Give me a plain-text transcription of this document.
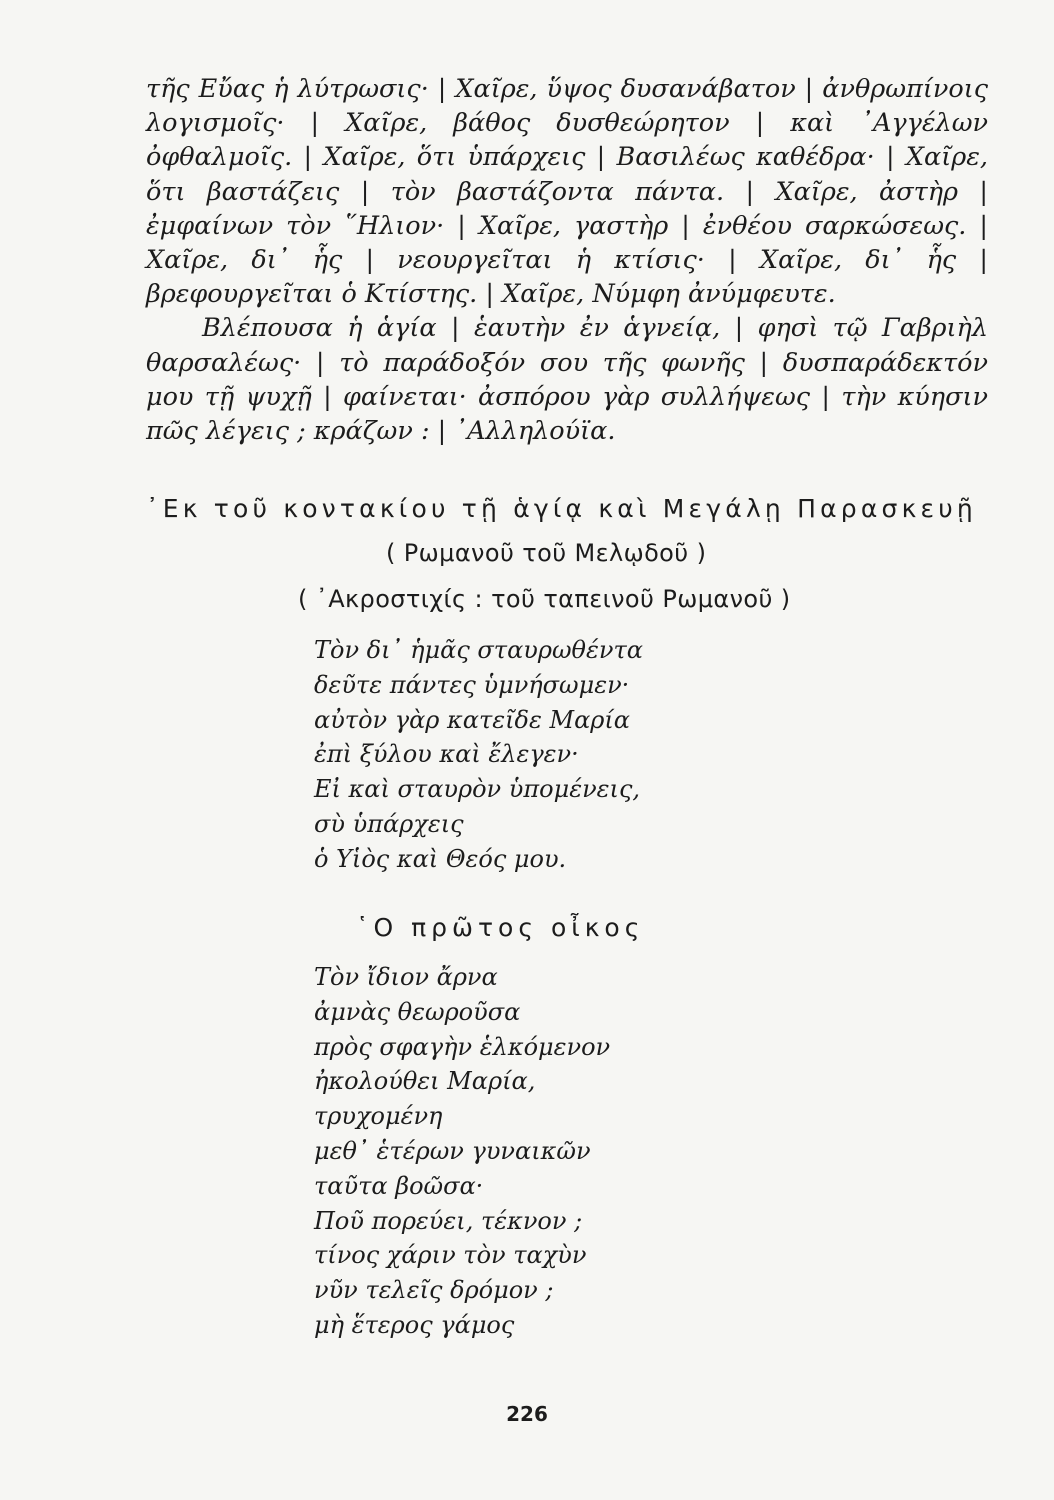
τῆς Εὔας ἡ λύτρωσις· | Χαῖρε, ὕψος δυσανάβατον | ἀνθρωπίνοις λογισμοῖς· | Χαῖρε, βάθος δυσθεώρητον | καὶ ᾿Αγγέλων ὀφθαλμοῖς. | Χαῖρε, ὅτι ὑπάρχεις | Βασιλέως καθέδρα· | Χαῖρε, ὅτι βαστάζεις | τὸν βαστάζοντα πάντα. | Χαῖρε, ἀστὴρ | ἐμφαίνων τὸν ῞Ηλιον· | Χαῖρε, γαστὴρ | ἐνθέου σαρκώσεως. | Χαῖρε, δι᾿ ἧς | νεουργεῖται ἡ κτίσις· | Χαῖρε, δι᾿ ἧς | βρεφουργεῖται ὁ Κτίστης. | Χαῖρε, Νύμφη ἀνύμφευτε.

Βλέπουσα ἡ ἁγία | ἑαυτὴν ἐν ἁγνείᾳ, | φησὶ τῷ Γαβριὴλ θαρσαλέως· | τὸ παράδοξόν σου τῆς φωνῆς | δυσπαράδεκτόν μου τῇ ψυχῇ | φαίνεται· ἀσπόρου γὰρ συλλήψεως | τὴν κύησιν πῶς λέγεις ; κράζων : | ᾿Αλληλούϊα.

᾿Εκ τοῦ κοντακίου τῇ ἁγίᾳ καὶ Μεγάλῃ Παρασκευῇ
( Ρωμανοῦ τοῦ Μελῳδοῦ )
( ᾿Ακροστιχίς : τοῦ ταπεινοῦ Ρωμανοῦ )
Τὸν δι᾿ ἡμᾶς σταυρωθέντα
δεῦτε πάντες ὑμνήσωμεν·
αὐτὸν γὰρ κατεῖδε Μαρία
ἐπὶ ξύλου καὶ ἔλεγεν·
Εἰ καὶ σταυρὸν ὑπομένεις,
σὺ ὑπάρχεις
ὁ Υἱὸς καὶ Θεός μου.
῾Ο πρῶτος οἶκος
Τὸν ἴδιον ἄρνα
ἀμνὰς θεωροῦσα
πρὸς σφαγὴν ἑλκόμενον
ἠκολούθει Μαρία,
τρυχομένη
μεθ᾿ ἑτέρων γυναικῶν
ταῦτα βοῶσα·
Ποῦ πορεύει, τέκνον ;
τίνος χάριν τὸν ταχὺν
νῦν τελεῖς δρόμον ;
μὴ ἕτερος γάμος
226
